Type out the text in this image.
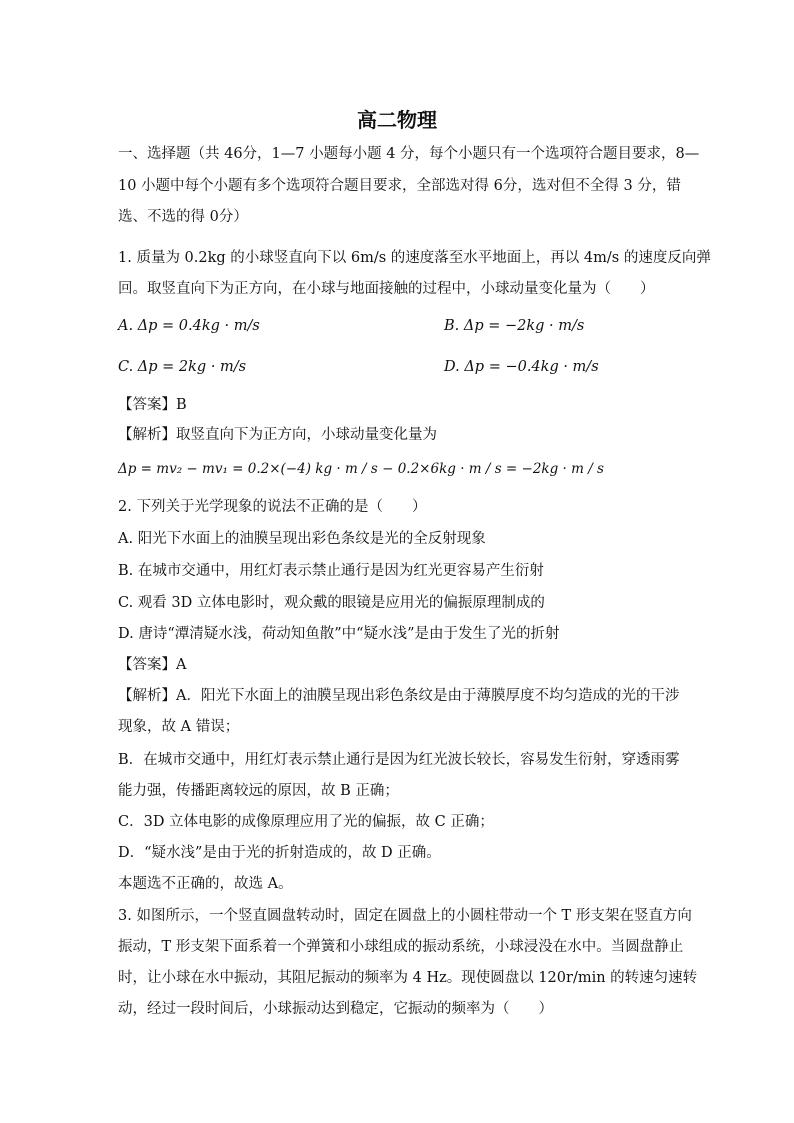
高二物理
一、选择题（共 46分，1—7 小题每小题 4 分，每个小题只有一个选项符合题目要求，8—
10 小题中每个小题有多个选项符合题目要求，全部选对得 6分，选对但不全得 3 分，错
选、不选的得 0分）
1. 质量为 0.2kg 的小球竖直向下以 6m/s 的速度落至水平地面上，再以 4m/s 的速度反向弹
回。取竖直向下为正方向，在小球与地面接触的过程中，小球动量变化量为（　　）
A. Δp = 0.4kg · m/s	B. Δp = −2kg · m/s
C. Δp = 2kg · m/s	D. Δp = −0.4kg · m/s
【答案】B
【解析】取竖直向下为正方向，小球动量变化量为
Δp = mv₂ − mv₁ = 0.2×(−4) kg · m / s − 0.2×6kg · m / s = −2kg · m / s
2. 下列关于光学现象的说法不正确的是（　　）
A. 阳光下水面上的油膜呈现出彩色条纹是光的全反射现象
B. 在城市交通中，用红灯表示禁止通行是因为红光更容易产生衍射
C. 观看 3D 立体电影时，观众戴的眼镜是应用光的偏振原理制成的
D. 唐诗“潭清疑水浅，荷动知鱼散”中“疑水浅”是由于发生了光的折射
【答案】A
【解析】A．阳光下水面上的油膜呈现出彩色条纹是由于薄膜厚度不均匀造成的光的干涉
现象，故 A 错误；
B．在城市交通中，用红灯表示禁止通行是因为红光波长较长，容易发生衍射，穿透雨雾
能力强，传播距离较远的原因，故 B 正确；
C．3D 立体电影的成像原理应用了光的偏振，故 C 正确；
D．“疑水浅”是由于光的折射造成的，故 D 正确。
本题选不正确的，故选 A。
3. 如图所示，一个竖直圆盘转动时，固定在圆盘上的小圆柱带动一个 T 形支架在竖直方向
振动，T 形支架下面系着一个弹簧和小球组成的振动系统，小球浸没在水中。当圆盘静止
时，让小球在水中振动，其阻尼振动的频率为 4 Hz。现使圆盘以 120r/min 的转速匀速转
动，经过一段时间后，小球振动达到稳定，它振动的频率为（　　）
